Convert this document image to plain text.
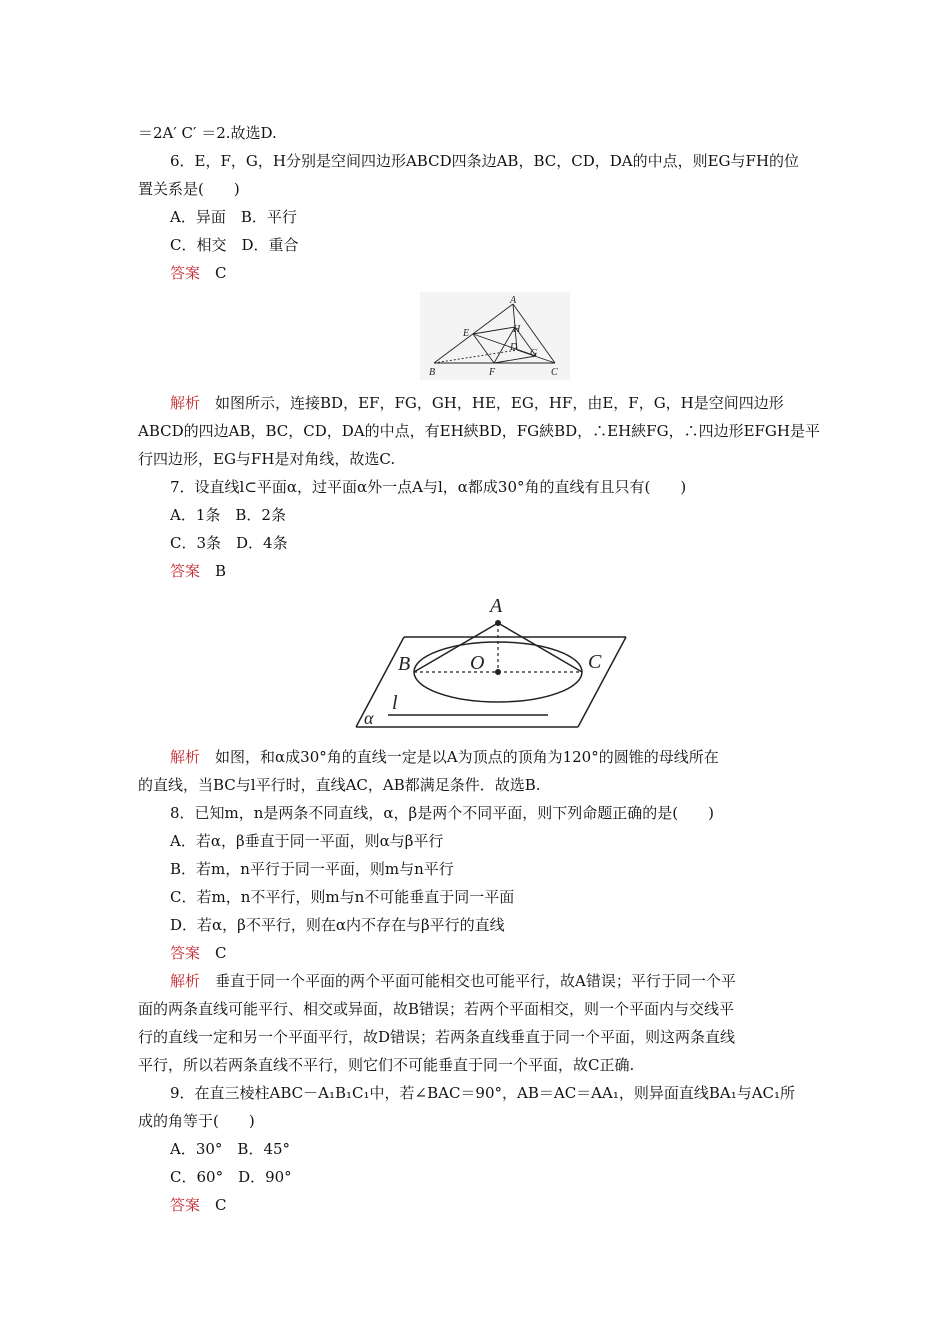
＝2A′ C′ ＝2.故选D.
6．E，F，G，H分别是空间四边形ABCD四条边AB，BC，CD，DA的中点，则EG与FH的位
置关系是(　　)
A．异面　B．平行
C．相交　D．重合
答案　 C
A
B	C
D
E
F
G
H
解析　 如图所示，连接BD，EF，FG，GH，HE，EG，HF，由E，F，G，H是空间四边形
ABCD的四边AB，BC，CD，DA的中点，有EH綊BD，FG綊BD，∴EH綊FG，∴四边形EFGH是平
行四边形，EG与FH是对角线，故选C.
7．设直线l⊂平面α，过平面α外一点A与l，α都成30°角的直线有且只有(　　)
A．1条　B．2条
C．3条　D．4条
答案　 B
A
B	O	C
l
α
解析　 如图，和α成30°角的直线一定是以A为顶点的顶角为120°的圆锥的母线所在
的直线，当BC与l平行时，直线AC，AB都满足条件．故选B.
8．已知m，n是两条不同直线，α，β是两个不同平面，则下列命题正确的是(　　)
A．若α，β垂直于同一平面，则α与β平行
B．若m，n平行于同一平面，则m与n平行
C．若m，n不平行，则m与n不可能垂直于同一平面
D．若α，β不平行，则在α内不存在与β平行的直线
答案　 C
解析　 垂直于同一个平面的两个平面可能相交也可能平行，故A错误；平行于同一个平
面的两条直线可能平行、相交或异面，故B错误；若两个平面相交，则一个平面内与交线平
行的直线一定和另一个平面平行，故D错误；若两条直线垂直于同一个平面，则这两条直线
平行，所以若两条直线不平行，则它们不可能垂直于同一个平面，故C正确.
9．在直三棱柱ABC－A₁B₁C₁中，若∠BAC＝90°，AB＝AC＝AA₁，则异面直线BA₁与AC₁所
成的角等于(　　)
A．30°　B．45°
C．60°　D．90°
答案　 C
